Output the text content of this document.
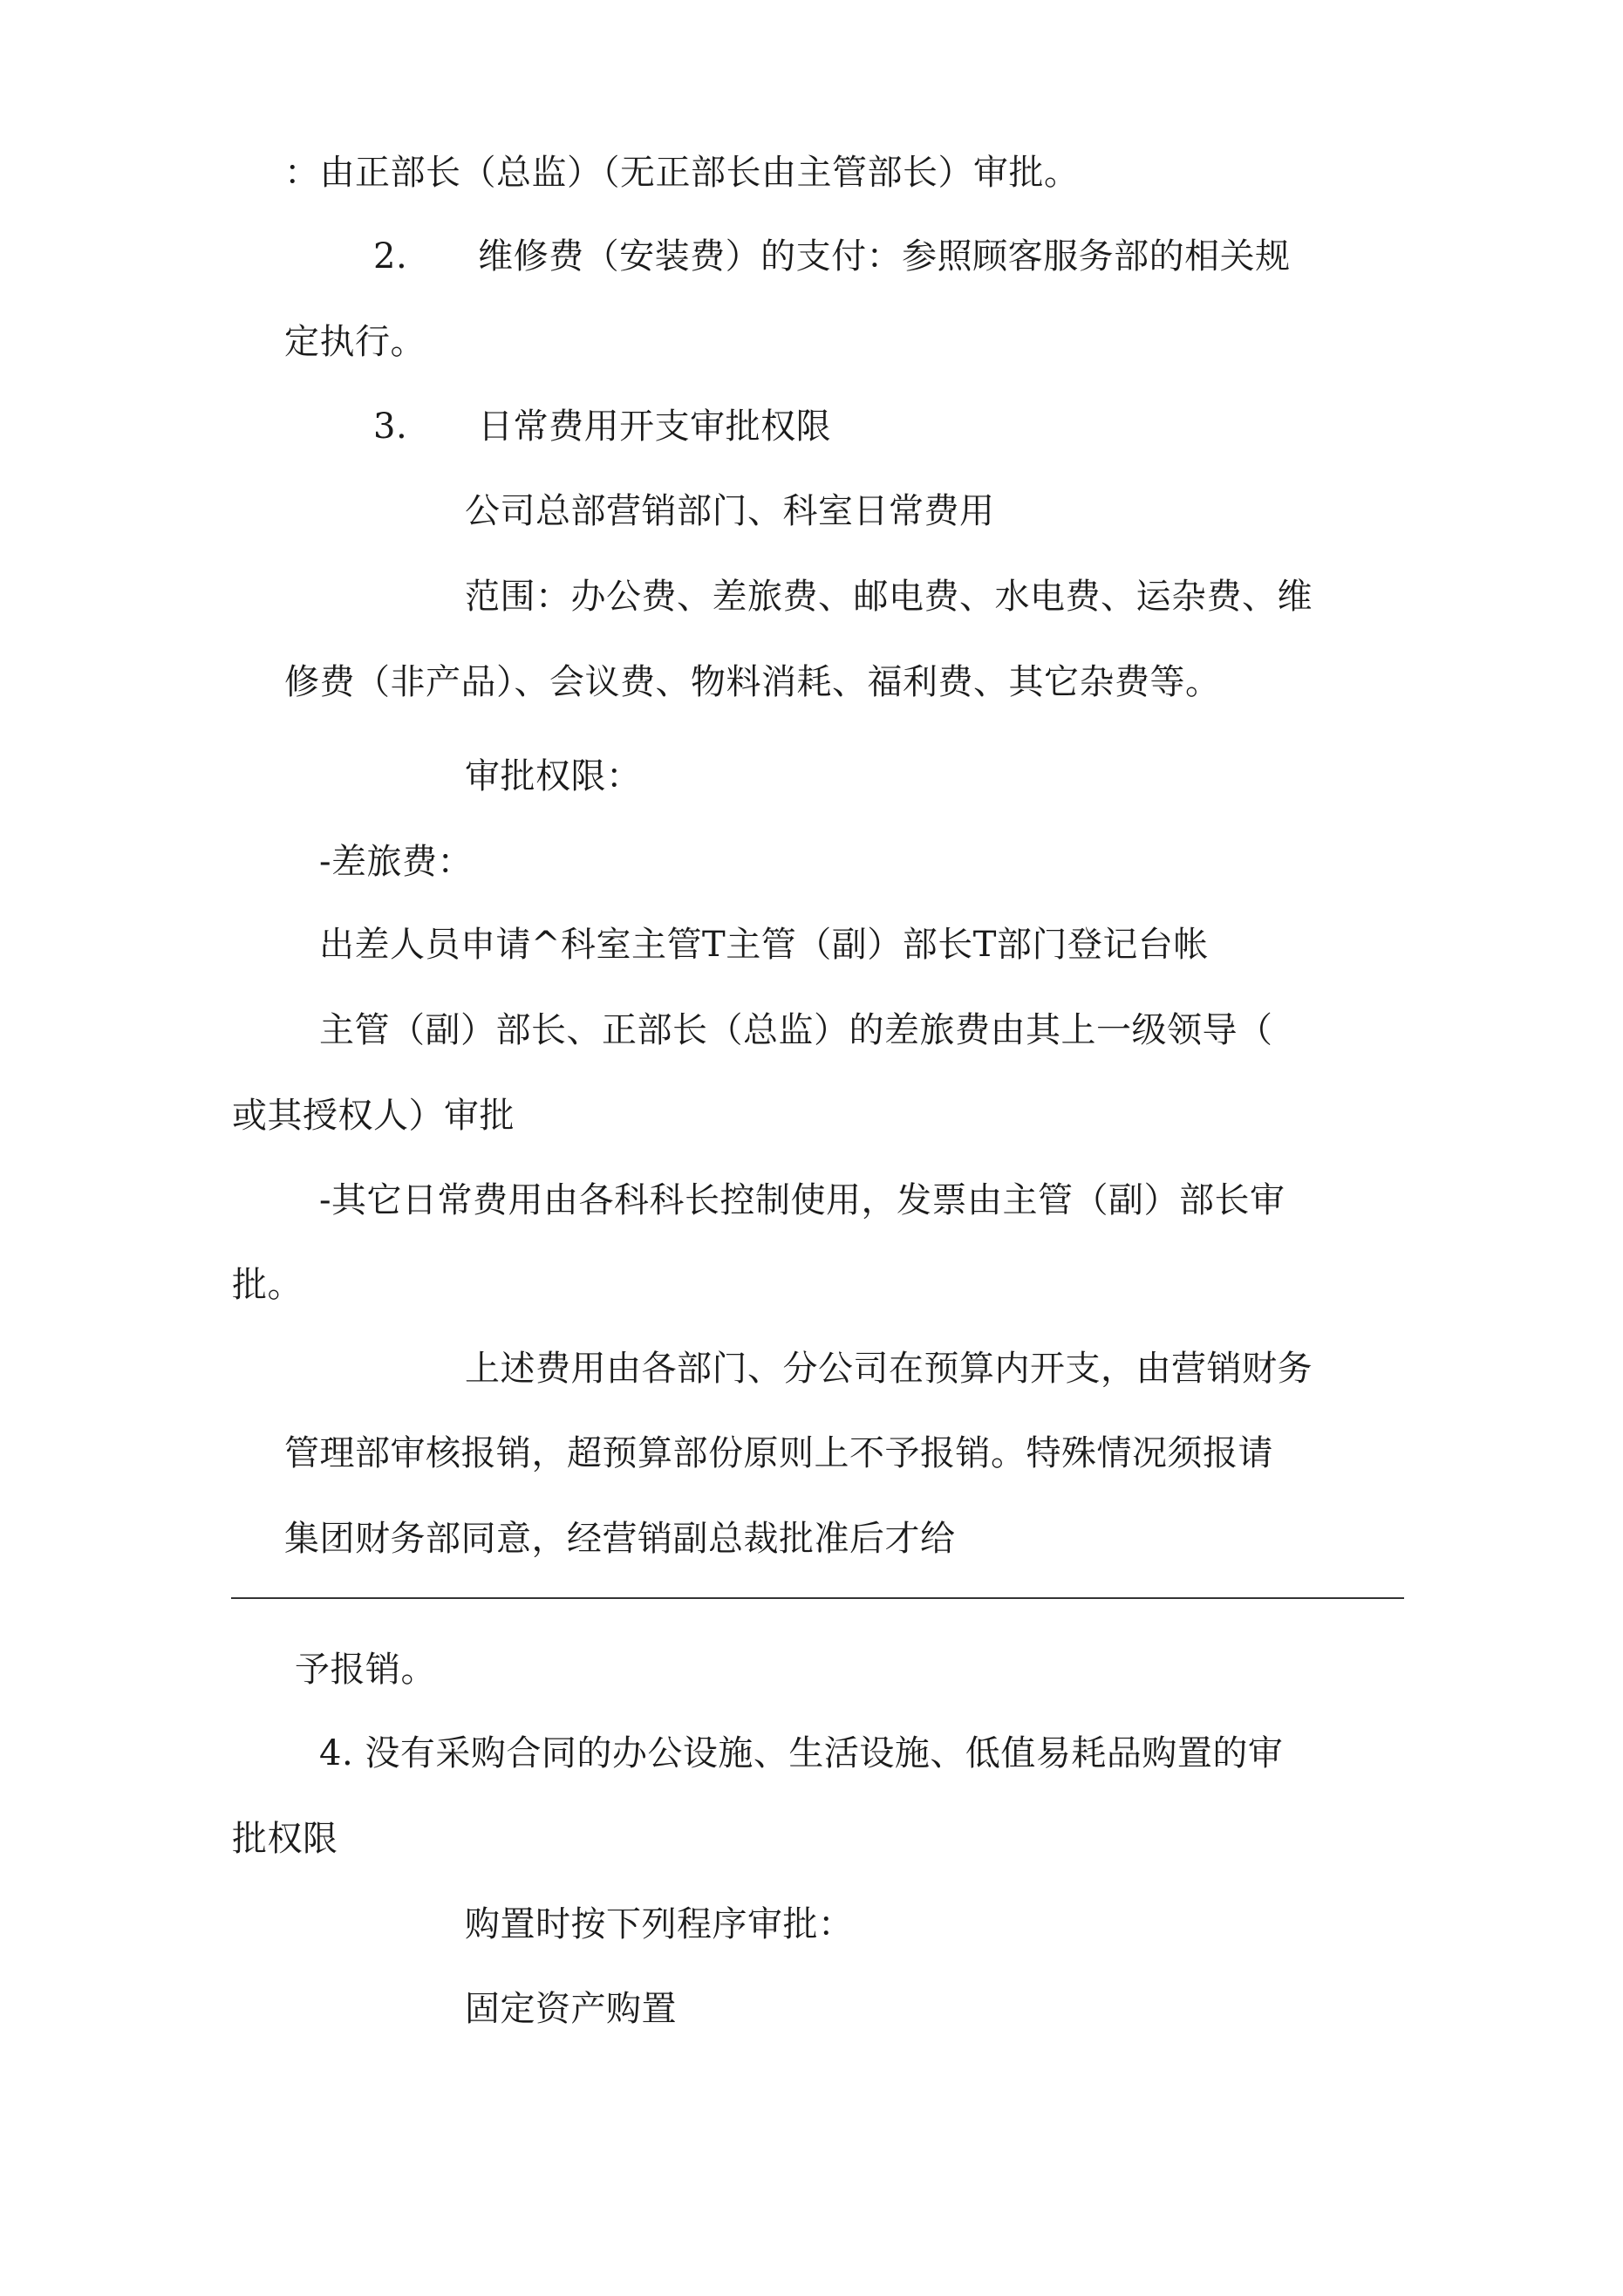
：由正部长（总监）（无正部长由主管部长）审批。
2.　　维修费（安装费）的支付：参照顾客服务部的相关规
定执行。
3.　　日常费用开支审批权限
公司总部营销部门、科室日常费用
范围：办公费、差旅费、邮电费、水电费、运杂费、维
修费（非产品）、会议费、物料消耗、福利费、其它杂费等。
审批权限：
-差旅费：
出差人员申请^科室主管T主管（副）部长T部门登记台帐
主管（副）部长、正部长（总监）的差旅费由其上一级领导（
或其授权人）审批
-其它日常费用由各科科长控制使用，发票由主管（副）部长审
批。
上述费用由各部门、分公司在预算内开支，由营销财务
管理部审核报销，超预算部份原则上不予报销。特殊情况须报请
集团财务部同意，经营销副总裁批准后才给
予报销。
4. 没有采购合同的办公设施、生活设施、低值易耗品购置的审
批权限
购置时按下列程序审批：
固定资产购置
